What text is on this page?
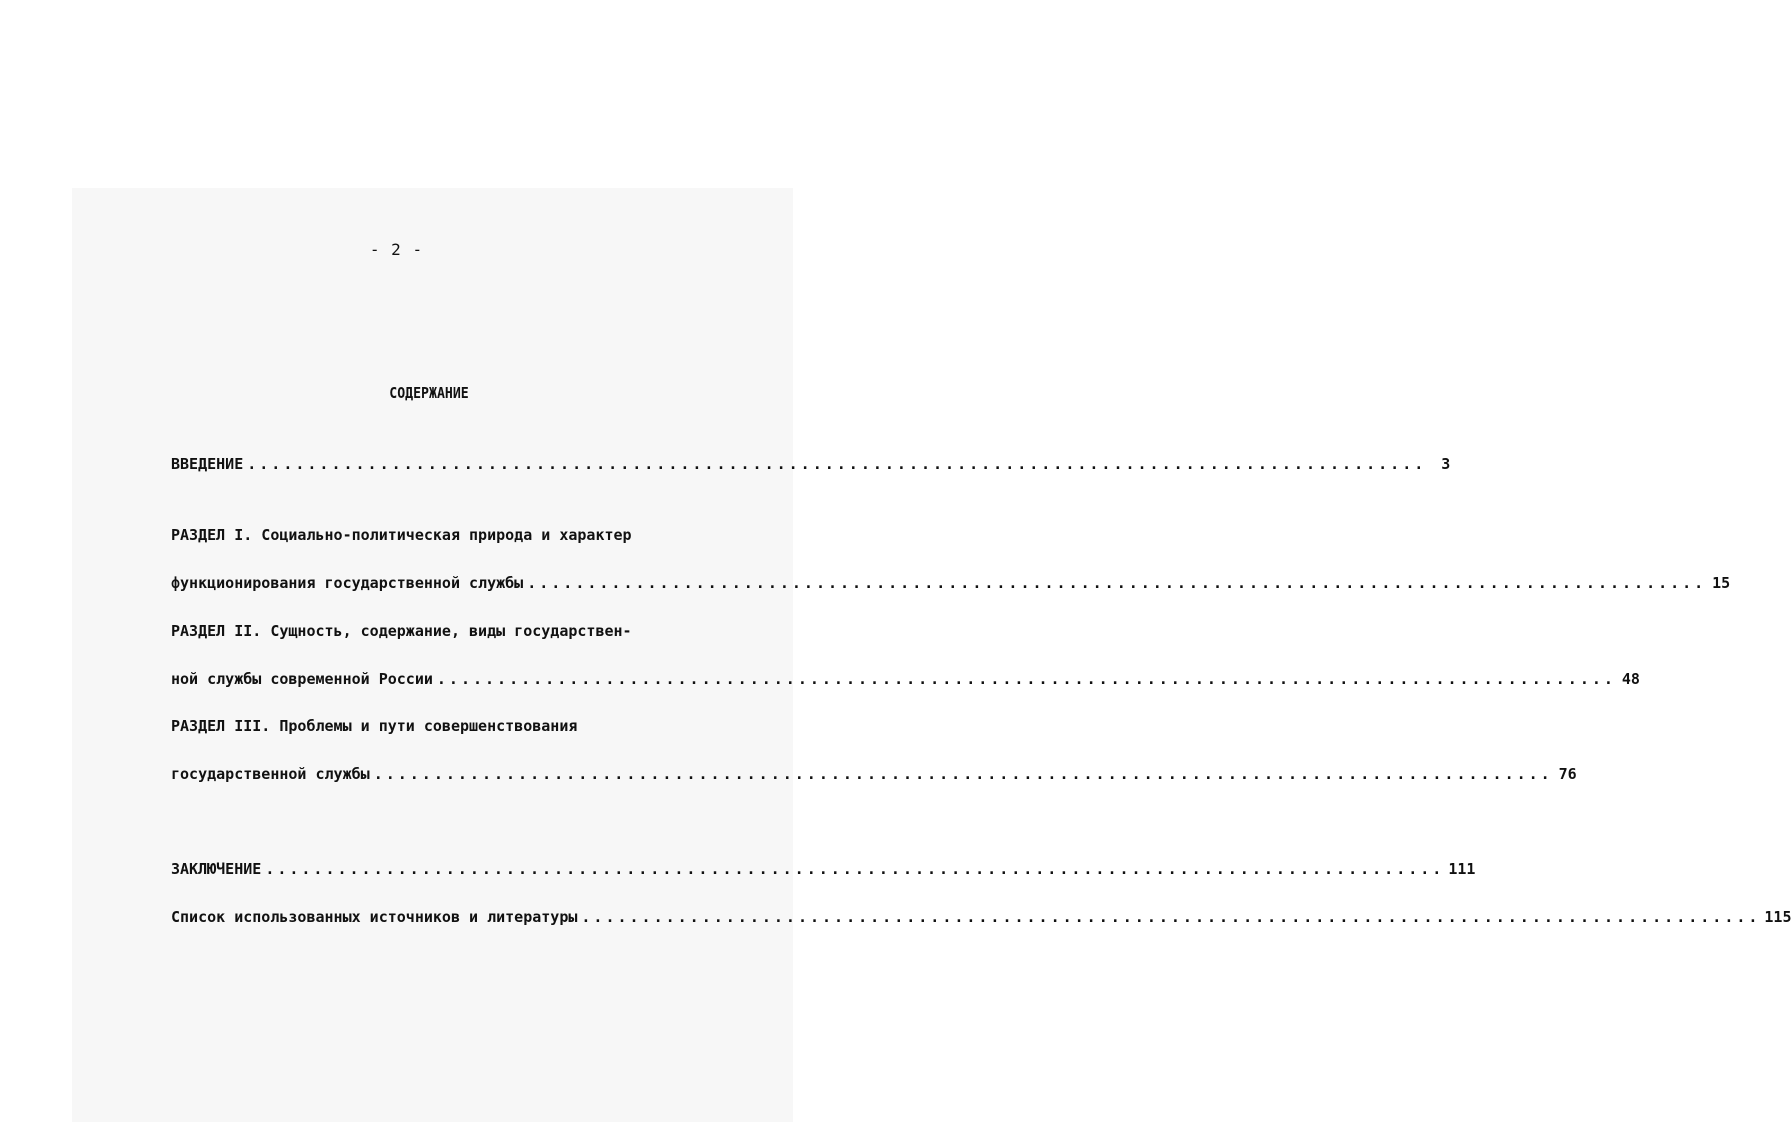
- 2 -
СОДЕРЖАНИЕ
ВВЕДЕНИЕ .................................................................................................. 3
РАЗДЕЛ I. Социально-политическая природа и характер
функционирования государственной службы .................................................................................................. 15
РАЗДЕЛ II. Сущность, содержание, виды государствен-
ной службы современной России .................................................................................................. 48
РАЗДЕЛ III. Проблемы и пути совершенствования
государственной службы .................................................................................................. 76
ЗАКЛЮЧЕНИЕ .................................................................................................. 111
Список использованных источников и литературы .................................................................................................. 115
